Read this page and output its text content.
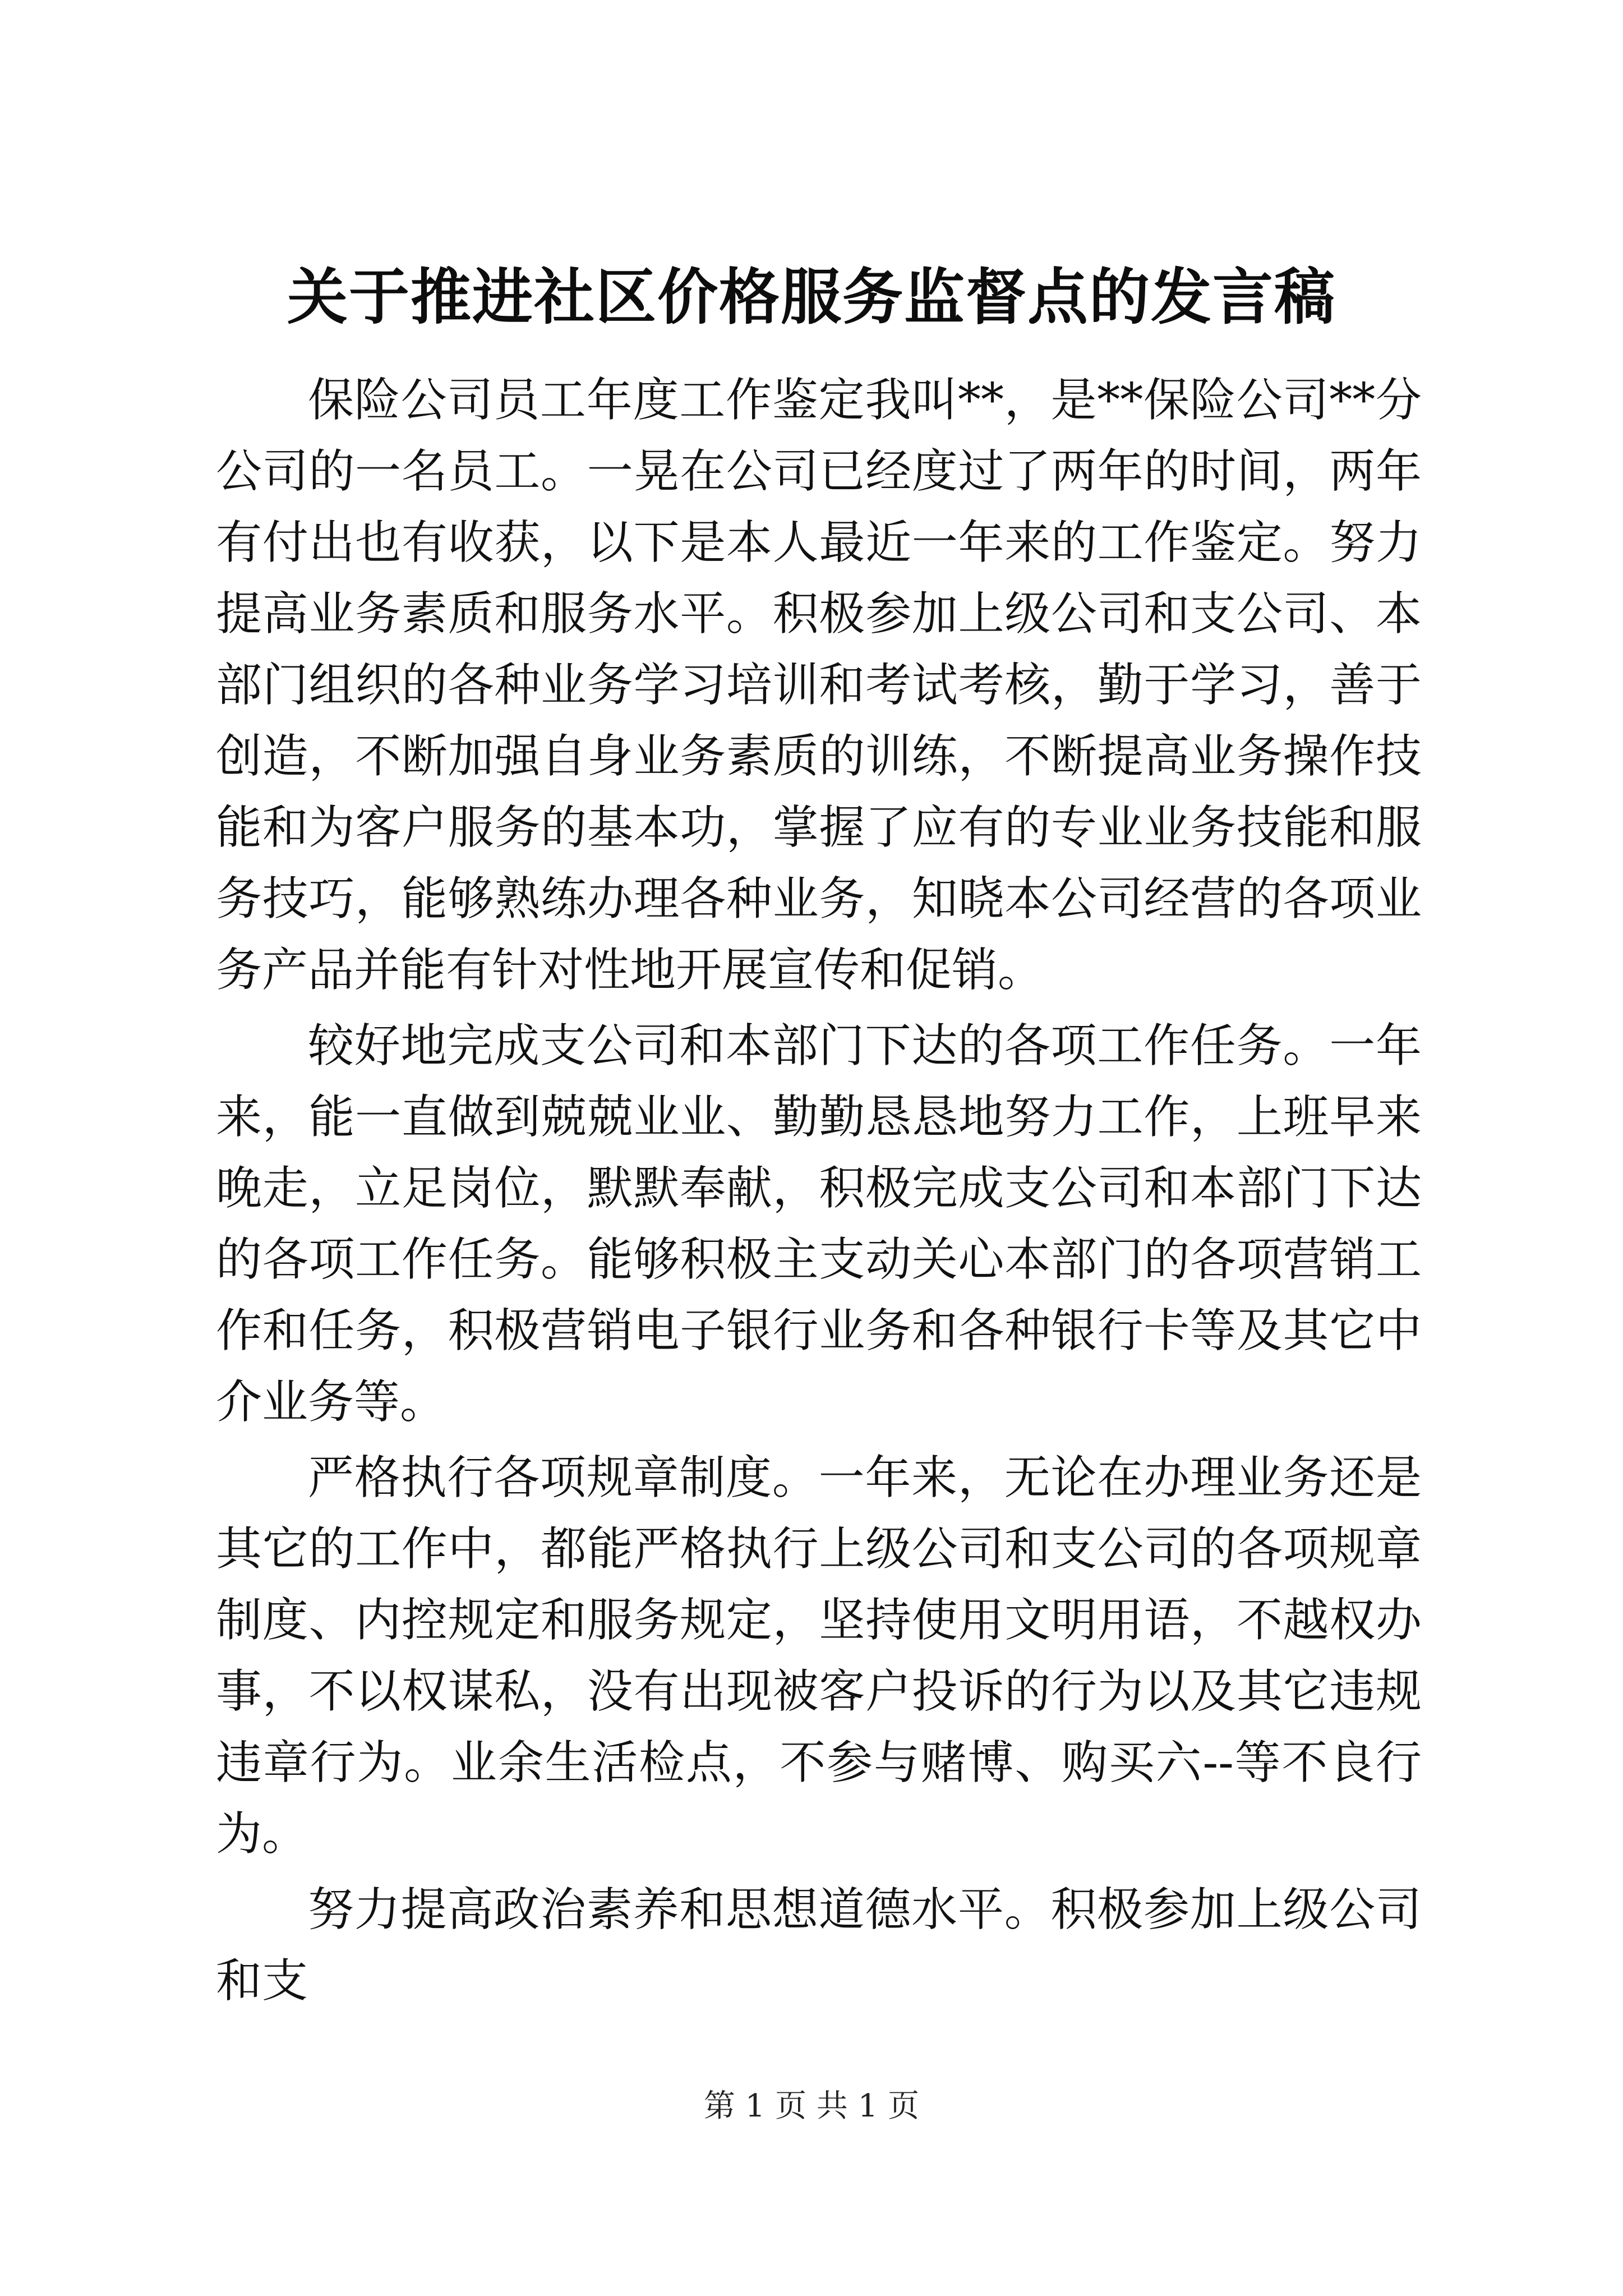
关于推进社区价格服务监督点的发言稿

保险公司员工年度工作鉴定我叫**，是**保险公司**分公司的一名员工。一晃在公司已经度过了两年的时间，两年有付出也有收获，以下是本人最近一年来的工作鉴定。努力提高业务素质和服务水平。积极参加上级公司和支公司、本部门组织的各种业务学习培训和考试考核，勤于学习，善于创造，不断加强自身业务素质的训练，不断提高业务操作技能和为客户服务的基本功，掌握了应有的专业业务技能和服务技巧，能够熟练办理各种业务，知晓本公司经营的各项业务产品并能有针对性地开展宣传和促销。

较好地完成支公司和本部门下达的各项工作任务。一年来，能一直做到兢兢业业、勤勤恳恳地努力工作，上班早来晚走，立足岗位，默默奉献，积极完成支公司和本部门下达的各项工作任务。能够积极主支动关心本部门的各项营销工作和任务，积极营销电子银行业务和各种银行卡等及其它中介业务等。

严格执行各项规章制度。一年来，无论在办理业务还是其它的工作中，都能严格执行上级公司和支公司的各项规章制度、内控规定和服务规定，坚持使用文明用语，不越权办事，不以权谋私，没有出现被客户投诉的行为以及其它违规违章行为。业余生活检点，不参与赌博、购买六--等不良行为。

努力提高政治素养和思想道德水平。积极参加上级公司和支

第 1 页 共 1 页
